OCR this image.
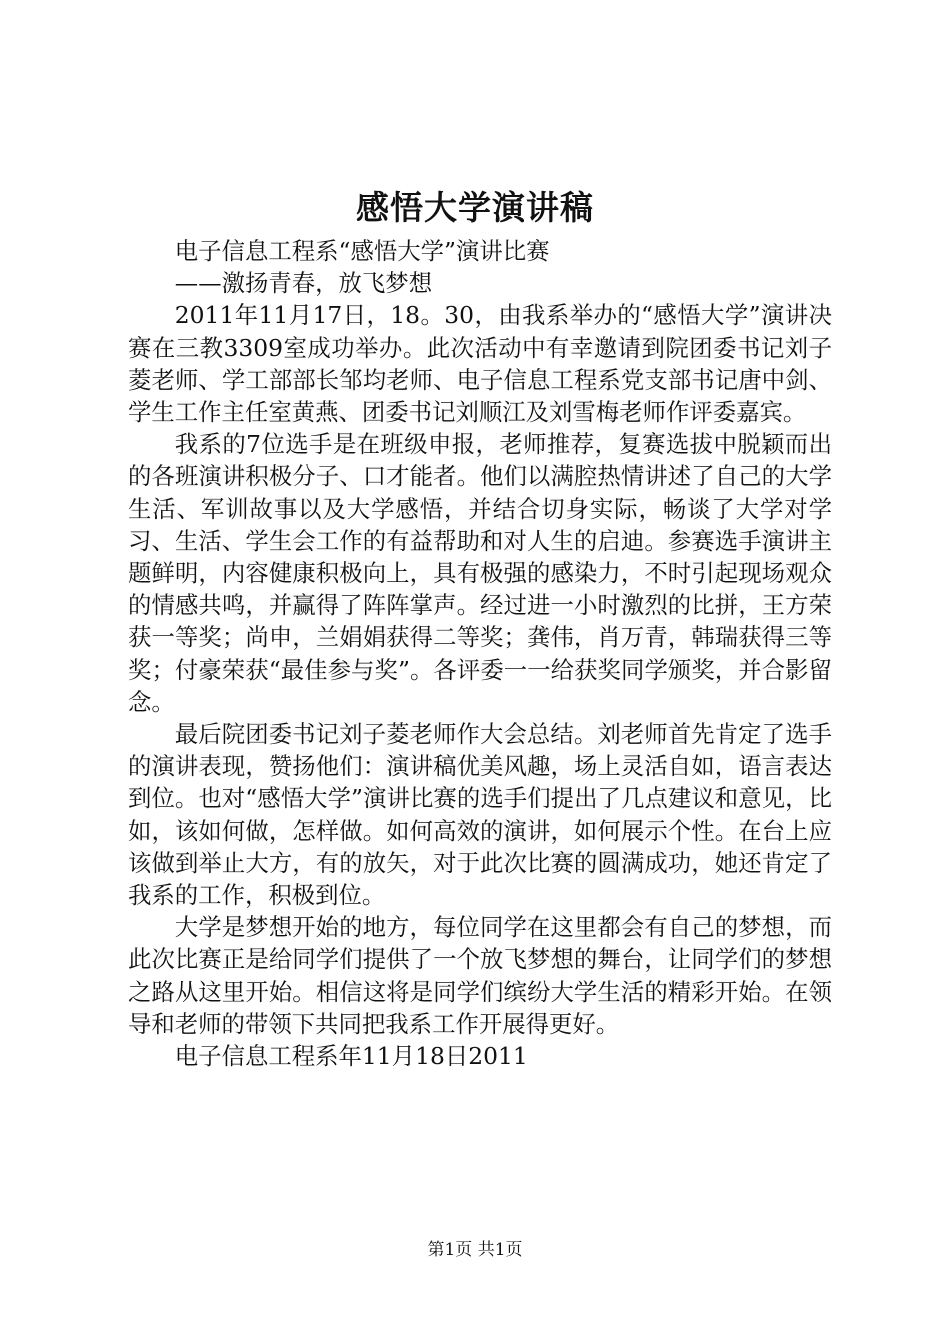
感悟大学演讲稿

电子信息工程系“感悟大学”演讲比赛

——激扬青春，放飞梦想

2011年11月17日，18。30，由我系举办的“感悟大学”演讲决赛在三教3309室成功举办。此次活动中有幸邀请到院团委书记刘子菱老师、学工部部长邹均老师、电子信息工程系党支部书记唐中剑、学生工作主任室黄燕、团委书记刘顺江及刘雪梅老师作评委嘉宾。

我系的7位选手是在班级申报，老师推荐，复赛选拔中脱颖而出的各班演讲积极分子、口才能者。他们以满腔热情讲述了自己的大学生活、军训故事以及大学感悟，并结合切身实际，畅谈了大学对学习、生活、学生会工作的有益帮助和对人生的启迪。参赛选手演讲主题鲜明，内容健康积极向上，具有极强的感染力，不时引起现场观众的情感共鸣，并赢得了阵阵掌声。经过进一小时激烈的比拼，王方荣获一等奖；尚申，兰娟娟获得二等奖；龚伟，肖万青，韩瑞获得三等奖；付豪荣获“最佳参与奖”。各评委一一给获奖同学颁奖，并合影留念。

最后院团委书记刘子菱老师作大会总结。刘老师首先肯定了选手的演讲表现，赞扬他们：演讲稿优美风趣，场上灵活自如，语言表达到位。也对“感悟大学”演讲比赛的选手们提出了几点建议和意见，比如，该如何做，怎样做。如何高效的演讲，如何展示个性。在台上应该做到举止大方，有的放矢，对于此次比赛的圆满成功，她还肯定了我系的工作，积极到位。

大学是梦想开始的地方，每位同学在这里都会有自己的梦想，而此次比赛正是给同学们提供了一个放飞梦想的舞台，让同学们的梦想之路从这里开始。相信这将是同学们缤纷大学生活的精彩开始。在领导和老师的带领下共同把我系工作开展得更好。

电子信息工程系年11月18日2011

第1页 共1页
